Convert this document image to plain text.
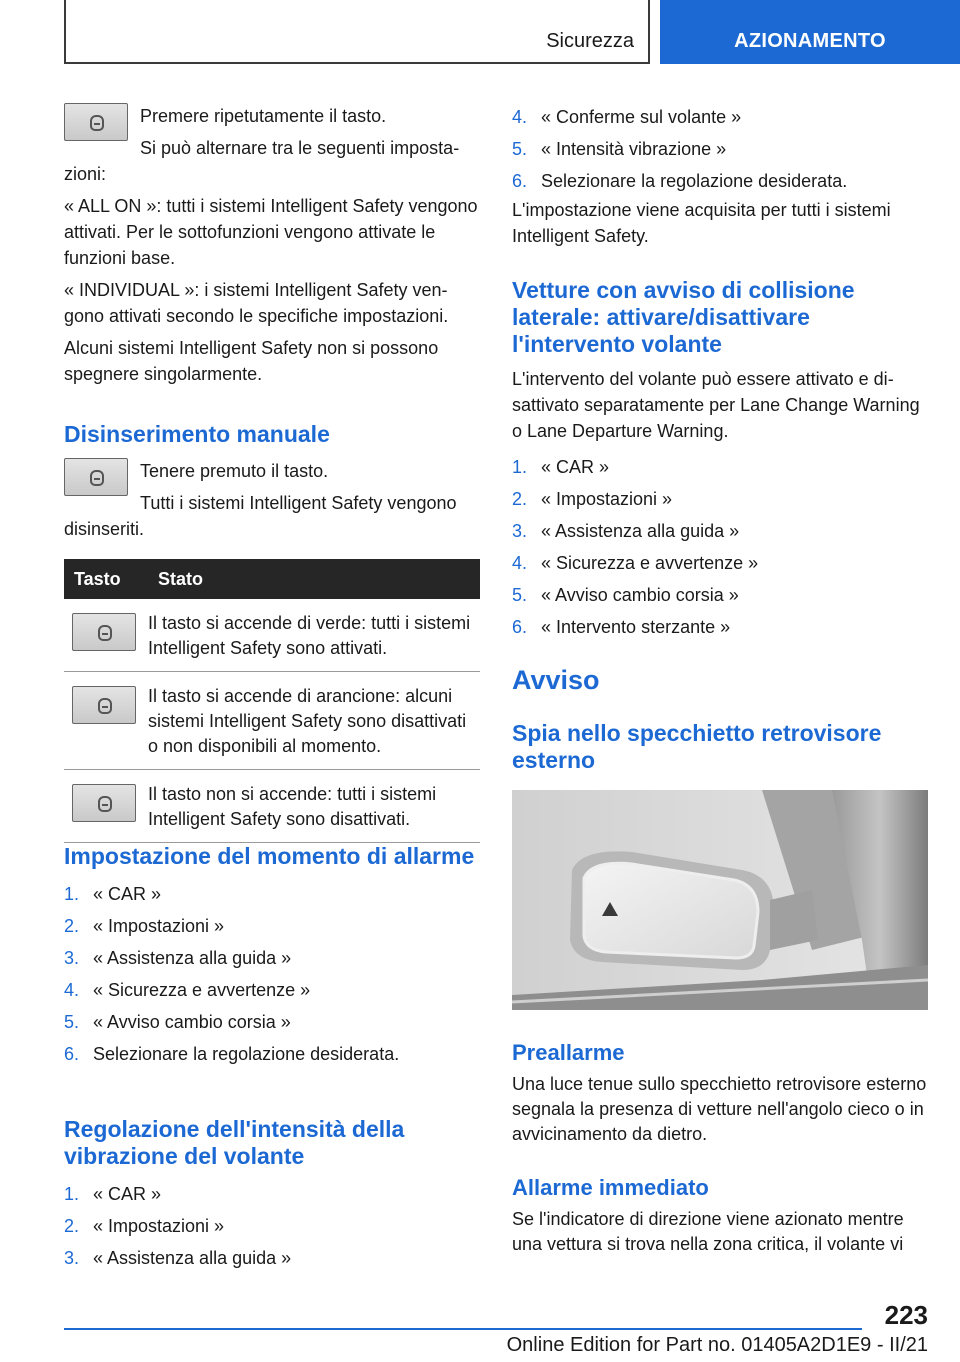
Sicurezza	AZIONAMENTO

Premere ripetutamente il tasto.

Si può alternare tra le seguenti impostazioni:

« ALL ON »: tutti i sistemi Intelligent Safety vengono attivati. Per le sottofunzioni vengono attivate le funzioni base.

« INDIVIDUAL »: i sistemi Intelligent Safety vengono attivati secondo le specifiche impostazioni.

Alcuni sistemi Intelligent Safety non si possono spegnere singolarmente.

Disinserimento manuale

Tenere premuto il tasto.

Tutti i sistemi Intelligent Safety vengono disinseriti.

Tasto	Stato

	Il tasto si accende di verde: tutti i sistemi Intelligent Safety sono attivati.

	Il tasto si accende di arancione: alcuni sistemi Intelligent Safety sono disattivati o non disponibili al momento.

	Il tasto non si accende: tutti i sistemi Intelligent Safety sono disattivati.
Impostazione del momento di allarme
1. « CAR »
2. « Impostazioni »
3. « Assistenza alla guida »
4. « Sicurezza e avvertenze »
5. « Avviso cambio corsia »
6. Selezionare la regolazione desiderata.
Regolazione dell'intensità della vibrazione del volante
1. « CAR »
2. « Impostazioni »
3. « Assistenza alla guida »
4. « Conferme sul volante »
5. « Intensità vibrazione »
6. Selezionare la regolazione desiderata.

L'impostazione viene acquisita per tutti i sistemi Intelligent Safety.

Vetture con avviso di collisione laterale: attivare/disattivare l'intervento volante

L'intervento del volante può essere attivato e disattivato separatamente per Lane Change Warning o Lane Departure Warning.

1. « CAR »
2. « Impostazioni »
3. « Assistenza alla guida »
4. « Sicurezza e avvertenze »
5. « Avviso cambio corsia »
6. « Intervento sterzante »
Avviso
Spia nello specchietto retrovisore esterno
Preallarme

Una luce tenue sullo specchietto retrovisore esterno segnala la presenza di vetture nell'angolo cieco o in avvicinamento da dietro.

Allarme immediato

Se l'indicatore di direzione viene azionato mentre una vettura si trova nella zona critica, il volante vi

223
Online Edition for Part no. 01405A2D1E9 - II/21
